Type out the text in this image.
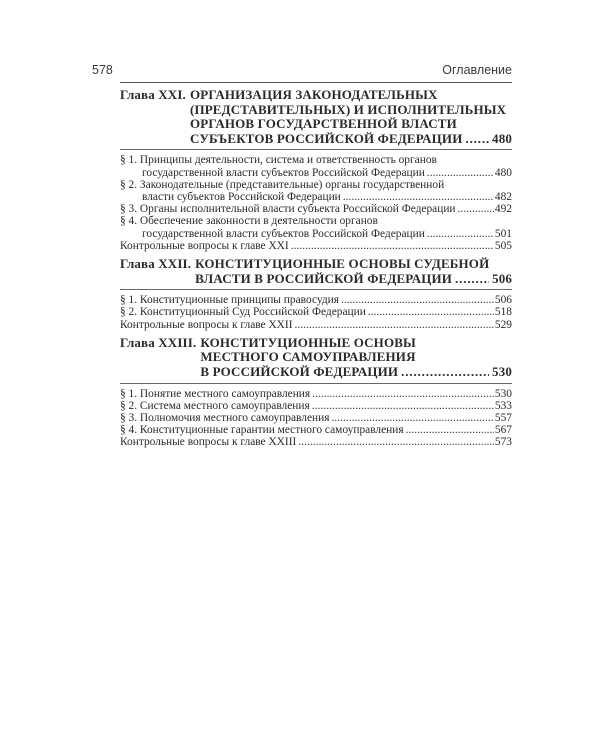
578	Оглавление
Глава XXI. ОРГАНИЗАЦИЯ ЗАКОНОДАТЕЛЬНЫХ
(ПРЕДСТАВИТЕЛЬНЫХ) И ИСПОЛНИТЕЛЬНЫХ
ОРГАНОВ ГОСУДАРСТВЕННОЙ ВЛАСТИ
СУБЪЕКТОВ РОССИЙСКОЙ ФЕДЕРАЦИИ . . . 480
§ 1. Принципы деятельности, система и ответственность органов
государственной власти субъектов Российской Федерации . . .	480
§ 2. Законодательные (представительные) органы государственной
власти субъектов Российской Федерации . . .	482
§ 3. Органы исполнительной власти субъекта Российской Федерации . . .	492
§ 4. Обеспечение законности в деятельности органов
государственной власти субъектов Российской Федерации . . .	501
Контрольные вопросы к главе XXI . . .	505
Глава XXII. КОНСТИТУЦИОННЫЕ ОСНОВЫ СУДЕБНОЙ
ВЛАСТИ В РОССИЙСКОЙ ФЕДЕРАЦИИ . . .	506
§ 1. Конституционные принципы правосудия . . .	506
§ 2. Конституционный Суд Российской Федерации . . .	518
Контрольные вопросы к главе XXII . . .	529
Глава XXIII. КОНСТИТУЦИОННЫЕ ОСНОВЫ
МЕСТНОГО САМОУПРАВЛЕНИЯ
В РОССИЙСКОЙ ФЕДЕРАЦИИ . . .	530
§ 1. Понятие местного самоуправления . . .	530
§ 2. Система местного самоуправления . . .	533
§ 3. Полномочия местного самоуправления . . .	557
§ 4. Конституционные гарантии местного самоуправления . . .	567
Контрольные вопросы к главе XXIII . . .	573
